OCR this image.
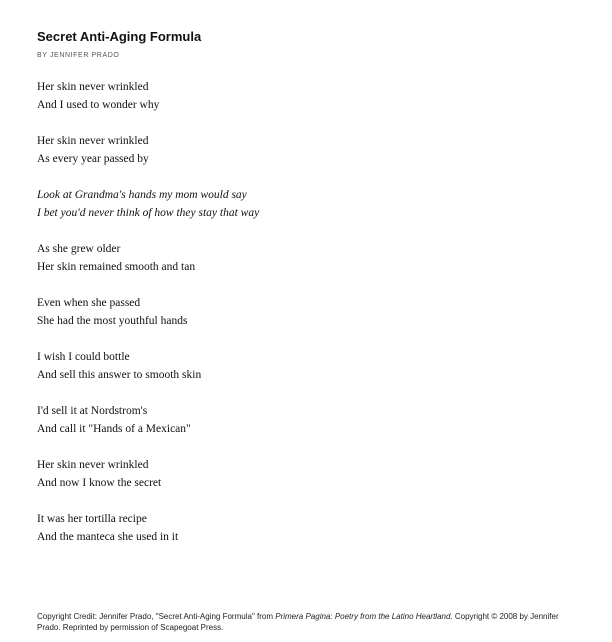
Secret Anti-Aging Formula

BY JENNIFER PRADO

Her skin never wrinkled
And I used to wonder why
Her skin never wrinkled
As every year passed by
Look at Grandma's hands my mom would say
I bet you'd never think of how they stay that way
As she grew older
Her skin remained smooth and tan
Even when she passed
She had the most youthful hands
I wish I could bottle
And sell this answer to smooth skin
I'd sell it at Nordstrom's
And call it "Hands of a Mexican"
Her skin never wrinkled
And now I know the secret
It was her tortilla recipe
And the manteca she used in it

Copyright Credit: Jennifer Prado, "Secret Anti-Aging Formula" from Primera Pagina: Poetry from the Latino Heartland. Copyright © 2008 by Jennifer Prado. Reprinted by permission of Scapegoat Press.
